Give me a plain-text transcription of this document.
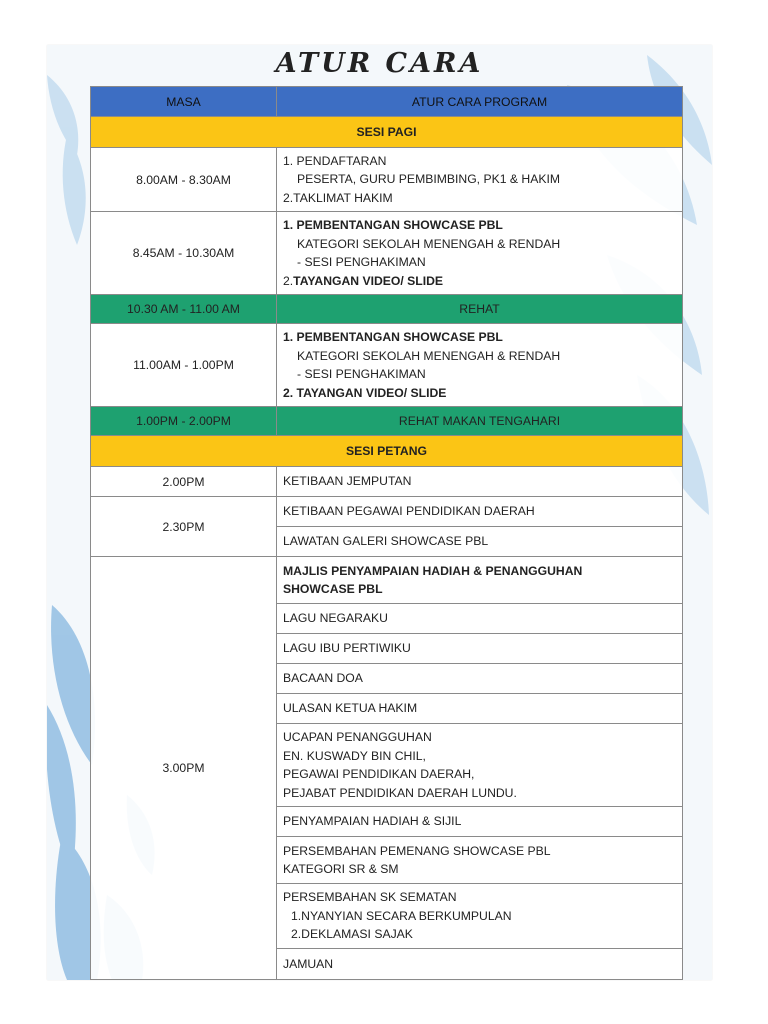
ATUR CARA
MASA	ATUR CARA PROGRAM
SESI PAGI	
8.00AM - 8.30AM	1. PENDAFTARAN
PESERTA, GURU PEMBIMBING, PK1 & HAKIM
2.TAKLIMAT HAKIM

8.45AM - 10.30AM	1. PEMBENTANGAN SHOWCASE PBL
KATEGORI SEKOLAH MENENGAH & RENDAH
- SESI PENGHAKIMAN
2.TAYANGAN VIDEO/ SLIDE

10.30 AM - 11.00 AM	REHAT
11.00AM - 1.00PM	1. PEMBENTANGAN SHOWCASE PBL
KATEGORI SEKOLAH MENENGAH & RENDAH
- SESI PENGHAKIMAN
2. TAYANGAN VIDEO/ SLIDE

1.00PM - 2.00PM	REHAT MAKAN TENGAHARI
SESI PETANG	
2.00PM	KETIBAAN JEMPUTAN
2.30PM	KETIBAAN PEGAWAI PENDIDIKAN DAERAH
	LAWATAN GALERI SHOWCASE PBL
3.00PM	MAJLIS PENYAMPAIAN HADIAH & PENANGGUHAN
SHOWCASE PBL

	LAGU NEGARAKU
	LAGU IBU PERTIWIKU
	BACAAN DOA
	ULASAN KETUA HAKIM

	UCAPAN PENANGGUHAN
EN. KUSWADY BIN CHIL,
PEGAWAI PENDIDIKAN DAERAH,
PEJABAT PENDIDIKAN DAERAH LUNDU.

	PENYAMPAIAN HADIAH & SIJIL

	PERSEMBAHAN PEMENANG SHOWCASE PBL
KATEGORI SR & SM

	PERSEMBAHAN SK SEMATAN
1.NYANYIAN SECARA BERKUMPULAN
2.DEKLAMASI SAJAK

	JAMUAN
